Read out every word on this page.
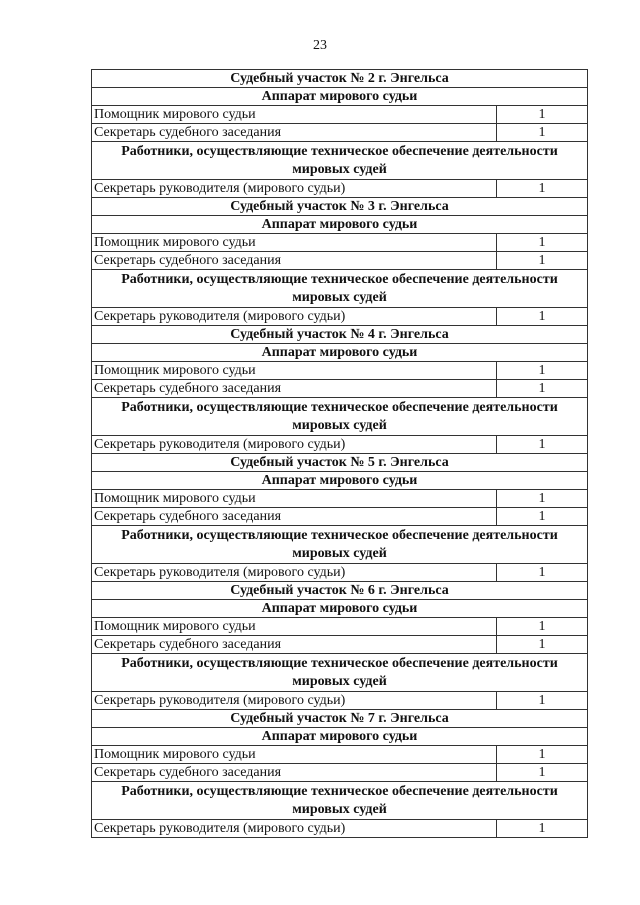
23
Судебный участок № 2 г. Энгельса	
Аппарат мирового судьи	
Помощник мирового судьи	1
Секретарь судебного заседания	1
Работники, осуществляющие техническое обеспечение деятельности мировых судей	
Секретарь руководителя (мирового судьи)	1
Судебный участок № 3 г. Энгельса	
Аппарат мирового судьи	
Помощник мирового судьи	1
Секретарь судебного заседания	1
Работники, осуществляющие техническое обеспечение деятельности мировых судей	
Секретарь руководителя (мирового судьи)	1
Судебный участок № 4 г. Энгельса	
Аппарат мирового судьи	
Помощник мирового судьи	1
Секретарь судебного заседания	1
Работники, осуществляющие техническое обеспечение деятельности мировых судей	
Секретарь руководителя (мирового судьи)	1
Судебный участок № 5 г. Энгельса	
Аппарат мирового судьи	
Помощник мирового судьи	1
Секретарь судебного заседания	1
Работники, осуществляющие техническое обеспечение деятельности мировых судей	
Секретарь руководителя (мирового судьи)	1
Судебный участок № 6 г. Энгельса	
Аппарат мирового судьи	
Помощник мирового судьи	1
Секретарь судебного заседания	1
Работники, осуществляющие техническое обеспечение деятельности мировых судей	
Секретарь руководителя (мирового судьи)	1
Судебный участок № 7 г. Энгельса	
Аппарат мирового судьи	
Помощник мирового судьи	1
Секретарь судебного заседания	1
Работники, осуществляющие техническое обеспечение деятельности мировых судей	
Секретарь руководителя (мирового судьи)	1
